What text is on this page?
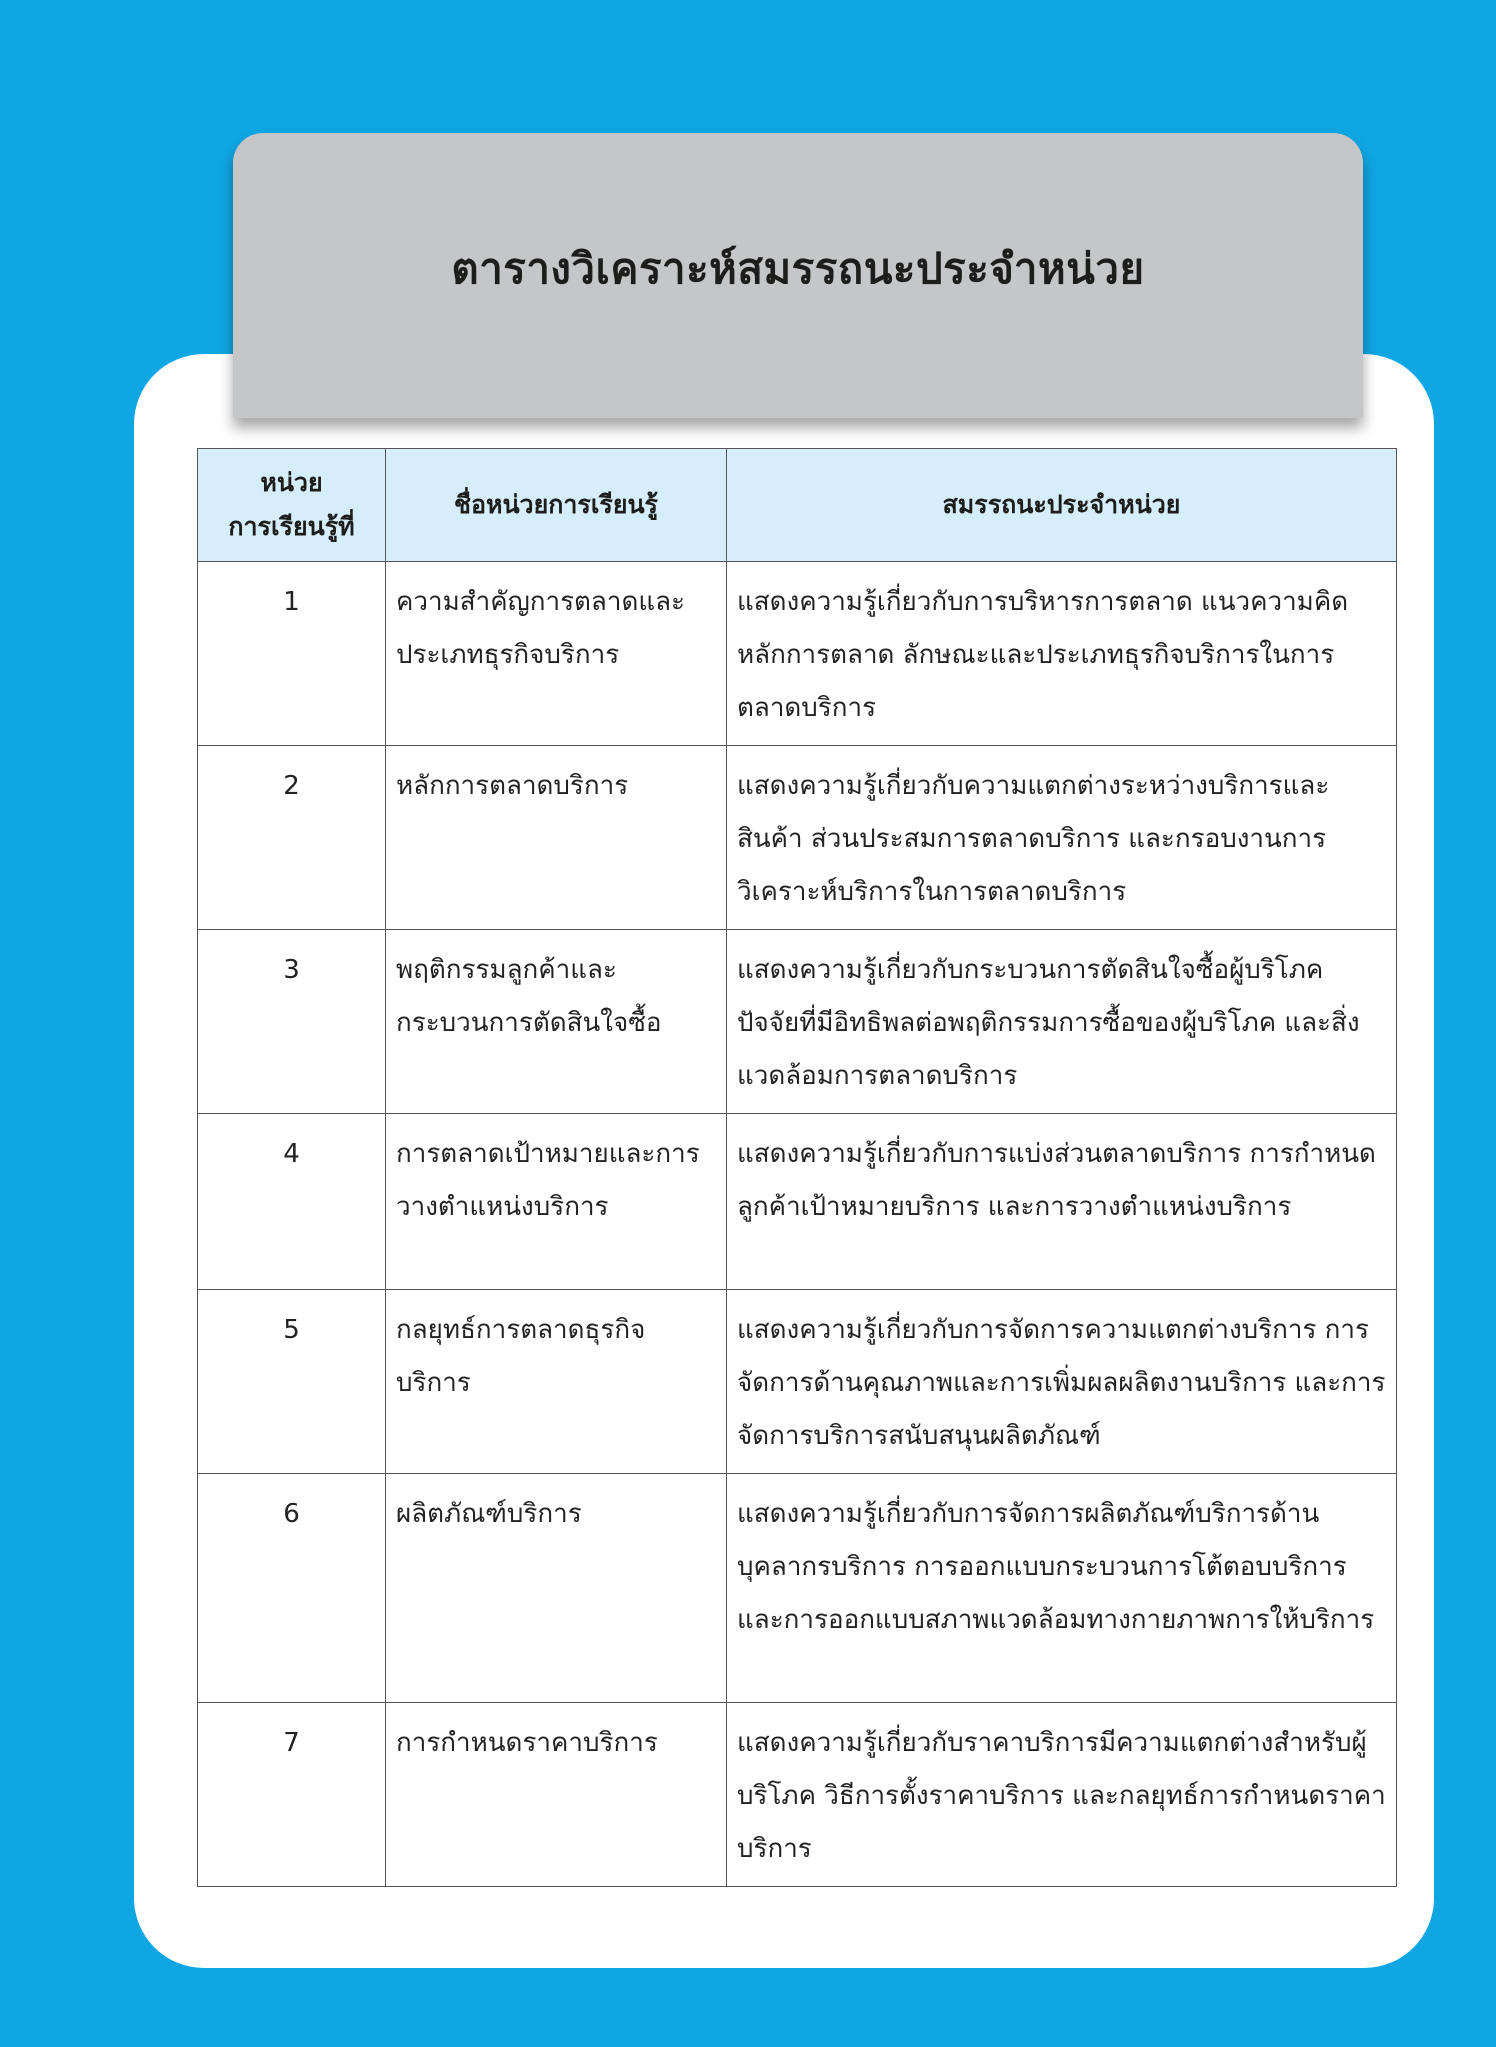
ตารางวิเคราะห์สมรรถนะประจำหน่วย
หน่วย
การเรียนรู้ที่	ชื่อหน่วยการเรียนรู้	สมรรถนะประจำหน่วย
1	ความสำคัญการตลาดและประเภทธุรกิจบริการ	แสดงความรู้เกี่ยวกับการบริหารการตลาด แนวความคิด หลักการตลาด ลักษณะและประเภทธุรกิจบริการในการตลาดบริการ
2	หลักการตลาดบริการ	แสดงความรู้เกี่ยวกับความแตกต่างระหว่างบริการและสินค้า ส่วนประสมการตลาดบริการ และกรอบงานการวิเคราะห์บริการในการตลาดบริการ
3	พฤติกรรมลูกค้าและกระบวนการตัดสินใจซื้อ	แสดงความรู้เกี่ยวกับกระบวนการตัดสินใจซื้อผู้บริโภค ปัจจัยที่มีอิทธิพลต่อพฤติกรรมการซื้อของผู้บริโภค และสิ่งแวดล้อมการตลาดบริการ
4	การตลาดเป้าหมายและการวางตำแหน่งบริการ	แสดงความรู้เกี่ยวกับการแบ่งส่วนตลาดบริการ การกำหนดลูกค้าเป้าหมายบริการ และการวางตำแหน่งบริการ
5	กลยุทธ์การตลาดธุรกิจบริการ	แสดงความรู้เกี่ยวกับการจัดการความแตกต่างบริการ การจัดการด้านคุณภาพและการเพิ่มผลผลิตงานบริการ และการจัดการบริการสนับสนุนผลิตภัณฑ์
6	ผลิตภัณฑ์บริการ	แสดงความรู้เกี่ยวกับการจัดการผลิตภัณฑ์บริการด้านบุคลากรบริการ การออกแบบกระบวนการโต้ตอบบริการ และการออกแบบสภาพแวดล้อมทางกายภาพการให้บริการ
7	การกำหนดราคาบริการ	แสดงความรู้เกี่ยวกับราคาบริการมีความแตกต่างสำหรับผู้บริโภค วิธีการตั้งราคาบริการ และกลยุทธ์การกำหนดราคาบริการ
